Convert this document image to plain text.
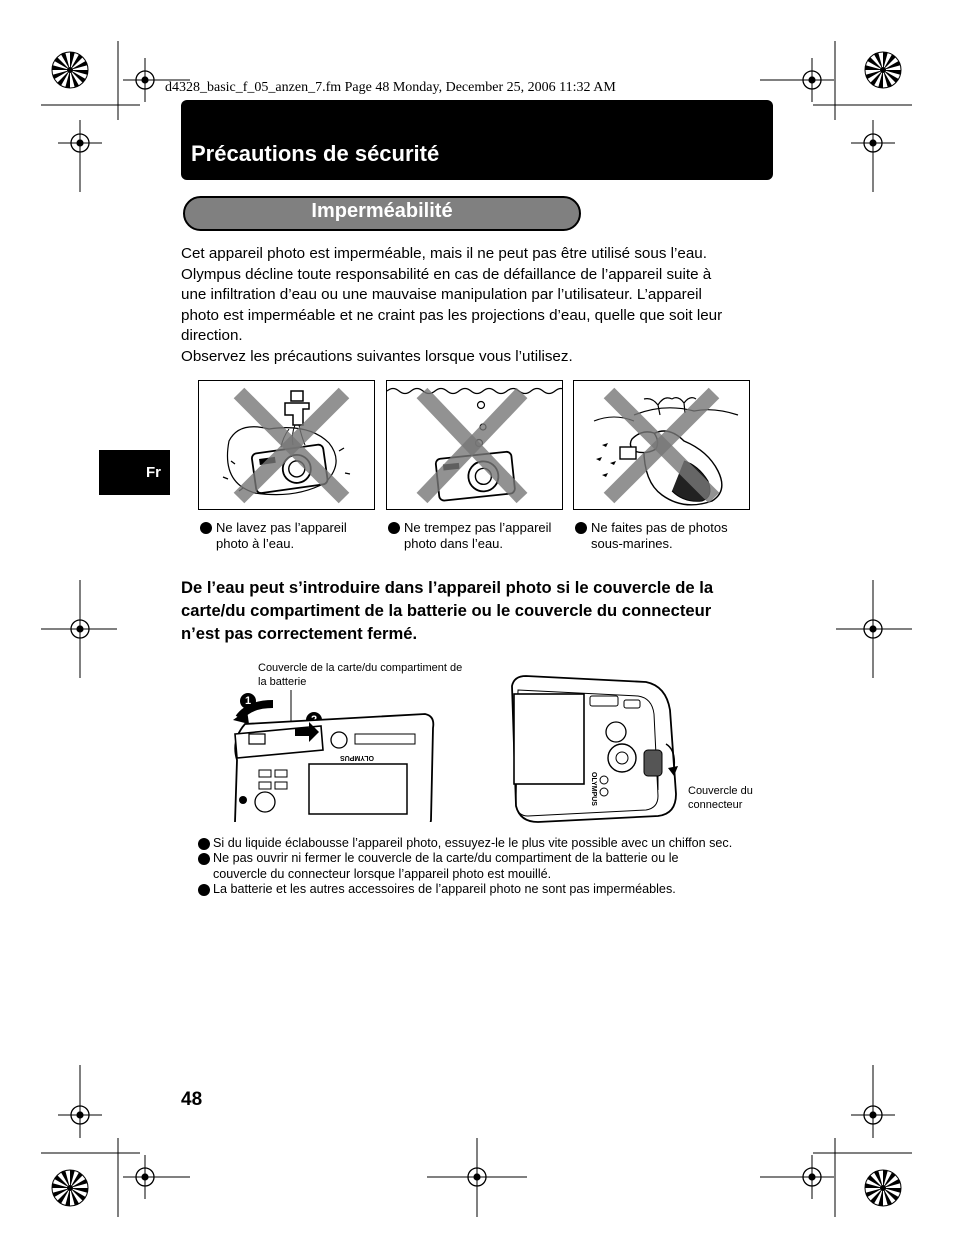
d4328_basic_f_05_anzen_7.fm Page 48 Monday, December 25, 2006 11:32 AM
Précautions de sécurité
Imperméabilité
Fr

Cet appareil photo est imperméable, mais il ne peut pas être utilisé sous l’eau.

Olympus décline toute responsabilité en cas de défaillance de l’appareil suite à

une infiltration d’eau ou une mauvaise manipulation par l’utilisateur. L’appareil

photo est imperméable et ne craint pas les projections d’eau, quelle que soit leur

direction.

Observez les précautions suivantes lorsque vous l’utilisez.

Ne lavez pas l’appareil
photo à l’eau.
Ne trempez pas l’appareil
photo dans l’eau.
Ne faites pas de photos
sous-marines.
De l’eau peut s’introduire dans l’appareil photo si le couvercle de la
carte/du compartiment de la batterie ou le couvercle du connecteur
n’est pas correctement fermé.
Couvercle de la carte/du compartiment de
la batterie
1
OLYMPUS
OLYMPUS	Couvercle du
connecteur
Si du liquide éclabousse l’appareil photo, essuyez-le le plus vite possible avec un chiffon sec.
Ne pas ouvrir ni fermer le couvercle de la carte/du compartiment de la batterie ou le
couvercle du connecteur lorsque l’appareil photo est mouillé.
La batterie et les autres accessoires de l’appareil photo ne sont pas imperméables.
48
